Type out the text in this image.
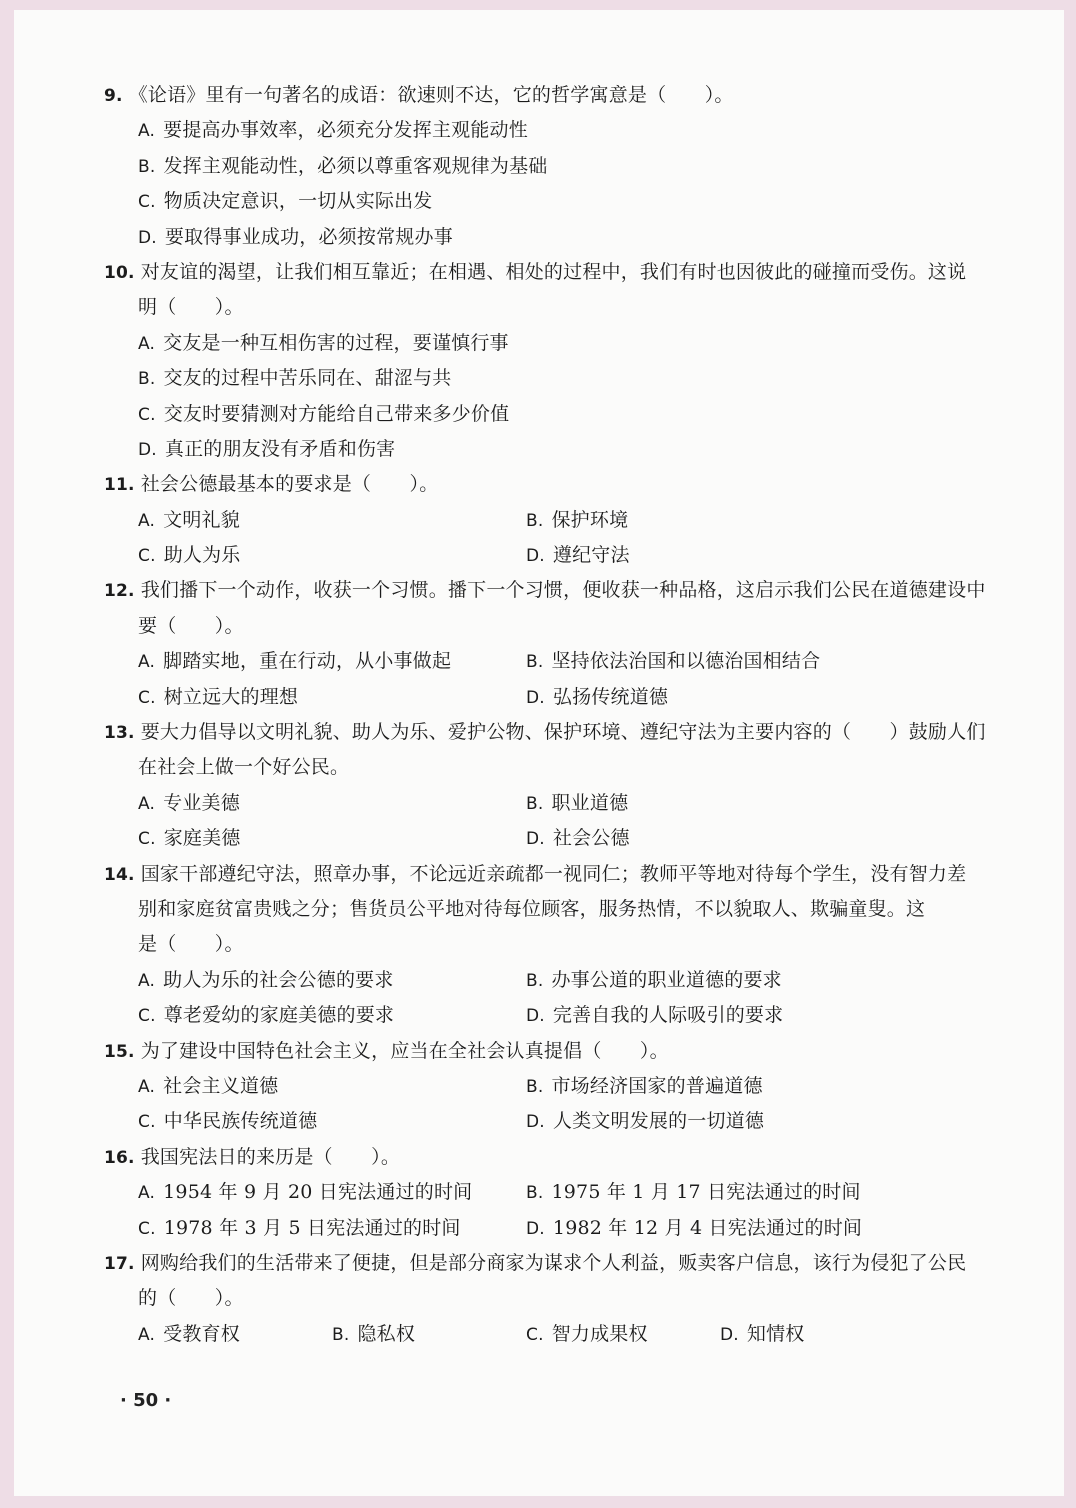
9. 《论语》里有一句著名的成语：欲速则不达，它的哲学寓意是（　　）。
A. 要提高办事效率，必须充分发挥主观能动性
B. 发挥主观能动性，必须以尊重客观规律为基础
C. 物质决定意识，一切从实际出发
D. 要取得事业成功，必须按常规办事
10. 对友谊的渴望，让我们相互靠近；在相遇、相处的过程中，我们有时也因彼此的碰撞而受伤。这说
明（　　）。
A. 交友是一种互相伤害的过程，要谨慎行事
B. 交友的过程中苦乐同在、甜涩与共
C. 交友时要猜测对方能给自己带来多少价值
D. 真正的朋友没有矛盾和伤害
11. 社会公德最基本的要求是（　　）。
A. 文明礼貌	B. 保护环境
C. 助人为乐	D. 遵纪守法
12. 我们播下一个动作，收获一个习惯。播下一个习惯，便收获一种品格，这启示我们公民在道德建设中
要（　　）。
A. 脚踏实地，重在行动，从小事做起	B. 坚持依法治国和以德治国相结合
C. 树立远大的理想	D. 弘扬传统道德
13. 要大力倡导以文明礼貌、助人为乐、爱护公物、保护环境、遵纪守法为主要内容的（　　）鼓励人们
在社会上做一个好公民。
A. 专业美德	B. 职业道德
C. 家庭美德	D. 社会公德
14. 国家干部遵纪守法，照章办事，不论远近亲疏都一视同仁；教师平等地对待每个学生，没有智力差
别和家庭贫富贵贱之分；售货员公平地对待每位顾客，服务热情，不以貌取人、欺骗童叟。这
是（　　）。
A. 助人为乐的社会公德的要求	B. 办事公道的职业道德的要求
C. 尊老爱幼的家庭美德的要求	D. 完善自我的人际吸引的要求
15. 为了建设中国特色社会主义，应当在全社会认真提倡（　　）。
A. 社会主义道德	B. 市场经济国家的普遍道德
C. 中华民族传统道德	D. 人类文明发展的一切道德
16. 我国宪法日的来历是（　　）。
A. 1954 年 9 月 20 日宪法通过的时间	B. 1975 年 1 月 17 日宪法通过的时间
C. 1978 年 3 月 5 日宪法通过的时间	D. 1982 年 12 月 4 日宪法通过的时间
17. 网购给我们的生活带来了便捷，但是部分商家为谋求个人利益，贩卖客户信息，该行为侵犯了公民
的（　　）。
A. 受教育权	B. 隐私权	C. 智力成果权	D. 知情权
· 50 ·
